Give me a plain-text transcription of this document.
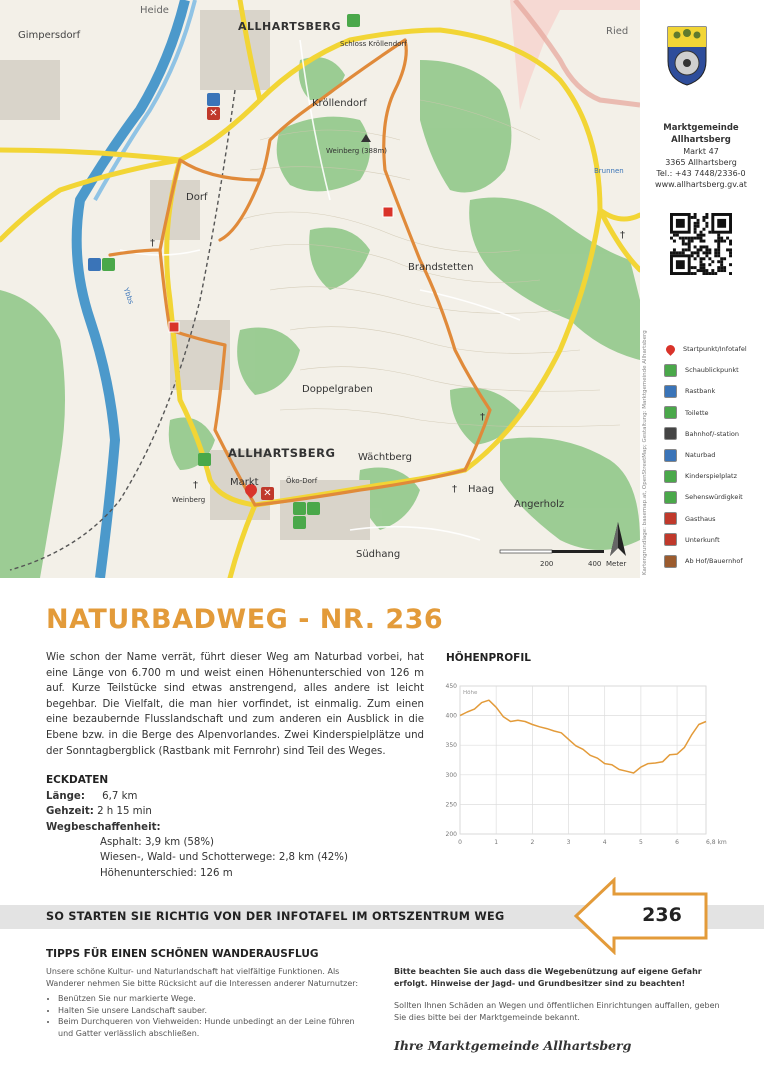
†
†
†
†
†
✕
✕
Heide
Gimpersdorf
ALLHARTSBERG
Schloss Kröllendorf
Ried
Kröllendorf
Weinberg (388m)
Dorf
Brunnen
Brandstetten
Ybbs
Doppelgraben
ALLHARTSBERG Wächtberg
Markt	Öko-Dorf
Haag
Angerholz
Weinberg
Südhang
200	400 Meter	Kartengrundlage: basemap.at, OpenStreetMap; Gestaltung: Marktgemeinde Allhartsberg
Marktgemeinde
Allhartsberg
Markt 47
3365 Allhartsberg
Tel.: +43 7448/2336-0
www.allhartsberg.gv.at
Startpunkt/Infotafel
Schaublickpunkt
Rastbank
Toilette
Bahnhof/-station
Naturbad
Kinderspielplatz
Sehenswürdigkeit
Gasthaus
Unterkunft
Ab Hof/Bauernhof
NATURBADWEG - NR. 236
Wie schon der Name verrät, führt dieser Weg am Naturbad vorbei, hat eine Länge von 6.700 m und weist einen Höhenunterschied von 126 m auf. Kurze Teilstücke sind etwas anstrengend, alles andere ist leicht begehbar. Die Vielfalt, die man hier vorfindet, ist einmalig. Zum einen eine bezaubernde Flusslandschaft und zum anderen ein Ausblick in die Ebene bzw. in die Berge des Alpenvorlandes. Zwei Kinderspielplätze und der Sonntagbergblick (Rastbank mit Fernrohr) sind Teil des Weges.
ECKDATEN
Länge: 6,7 km
Gehzeit: 2 h 15 min
Wegbeschaffenheit:
Asphalt: 3,9 km (58%)
Wiesen-, Wald- und Schotterwege: 2,8 km (42%)
Höhenunterschied: 126 m
HÖHENPROFIL
200
250
300
350
400
450
0	1	2	3	4	5	6	6,8 km
Höhe
SO STARTEN SIE RICHTIG VON DER INFOTAFEL IM ORTSZENTRUM WEG	236
TIPPS FÜR EINEN SCHÖNEN WANDERAUSFLUG
Unsere schöne Kultur- und Naturlandschaft hat vielfältige Funktionen. Als Wanderer nehmen Sie bitte Rücksicht auf die Interessen anderer Naturnutzer:
• Benützen Sie nur markierte Wege.
• Halten Sie unsere Landschaft sauber.
• Beim Durchqueren von Viehweiden: Hunde unbedingt an der Leine führen und Gatter verlässlich abschließen.
Bitte beachten Sie auch dass die Wegebenützung auf eigene Gefahr erfolgt. Hinweise der Jagd- und Grundbesitzer sind zu beachten!
Sollten Ihnen Schäden an Wegen und öffentlichen Einrichtungen auffallen, geben Sie dies bitte bei der Marktgemeinde bekannt.
Ihre Marktgemeinde Allhartsberg
